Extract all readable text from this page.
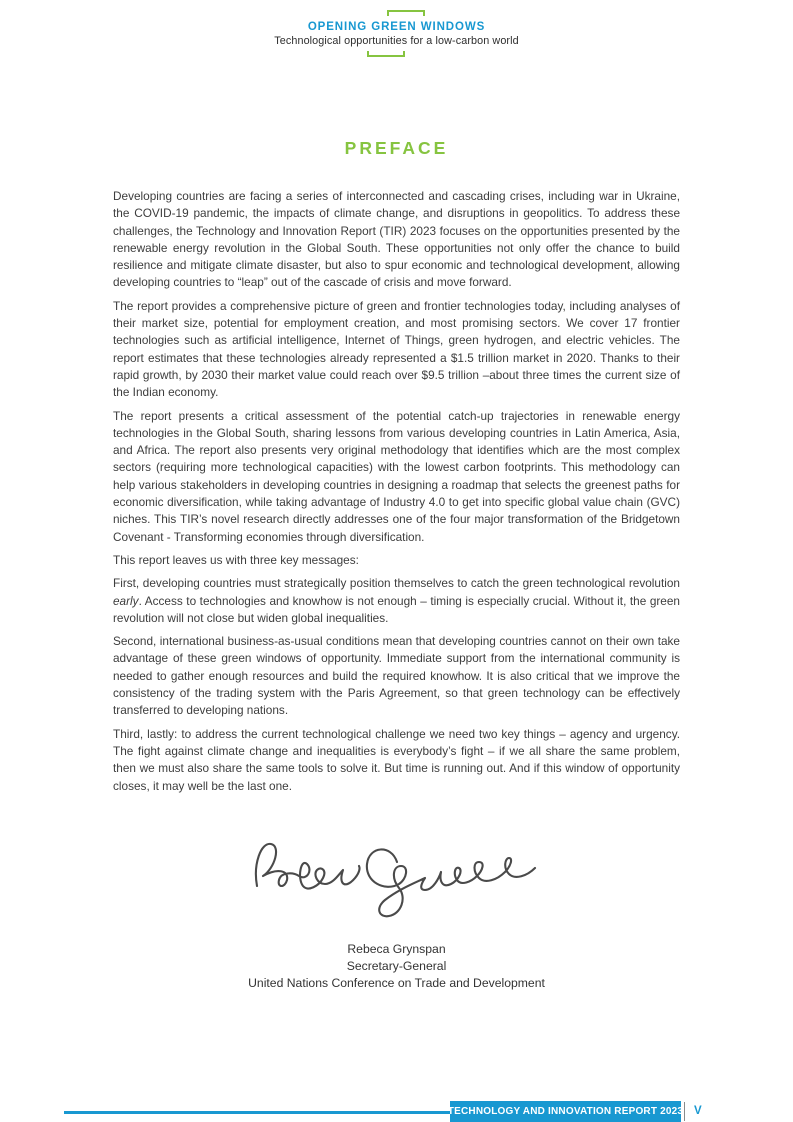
OPENING GREEN WINDOWS
Technological opportunities for a low-carbon world
PREFACE

Developing countries are facing a series of interconnected and cascading crises, including war in Ukraine, the COVID-19 pandemic, the impacts of climate change, and disruptions in geopolitics. To address these challenges, the Technology and Innovation Report (TIR) 2023 focuses on the opportunities presented by the renewable energy revolution in the Global South. These opportunities not only offer the chance to build resilience and mitigate climate disaster, but also to spur economic and technological development, allowing developing countries to “leap” out of the cascade of crisis and move forward.

The report provides a comprehensive picture of green and frontier technologies today, including analyses of their market size, potential for employment creation, and most promising sectors. We cover 17 frontier technologies such as artificial intelligence, Internet of Things, green hydrogen, and electric vehicles. The report estimates that these technologies already represented a $1.5 trillion market in 2020. Thanks to their rapid growth, by 2030 their market value could reach over $9.5 trillion –about three times the current size of the Indian economy.

The report presents a critical assessment of the potential catch-up trajectories in renewable energy technologies in the Global South, sharing lessons from various developing countries in Latin America, Asia, and Africa. The report also presents very original methodology that identifies which are the most complex sectors (requiring more technological capacities) with the lowest carbon footprints. This methodology can help various stakeholders in developing countries in designing a roadmap that selects the greenest paths for economic diversification, while taking advantage of Industry 4.0 to get into specific global value chain (GVC) niches. This TIR’s novel research directly addresses one of the four major transformation of the Bridgetown Covenant - Transforming economies through diversification.

This report leaves us with three key messages:

First, developing countries must strategically position themselves to catch the green technological revolution early. Access to technologies and knowhow is not enough – timing is especially crucial. Without it, the green revolution will not close but widen global inequalities.

Second, international business-as-usual conditions mean that developing countries cannot on their own take advantage of these green windows of opportunity. Immediate support from the international community is needed to gather enough resources and build the required knowhow. It is also critical that we improve the consistency of the trading system with the Paris Agreement, so that green technology can be effectively transferred to developing nations.

Third, lastly: to address the current technological challenge we need two key things – agency and urgency. The fight against climate change and inequalities is everybody’s fight – if we all share the same problem, then we must also share the same tools to solve it. But time is running out. And if this window of opportunity closes, it may well be the last one.

Rebeca Grynspan
Secretary-General
United Nations Conference on Trade and Development
TECHNOLOGY AND INNOVATION REPORT 2023 V
